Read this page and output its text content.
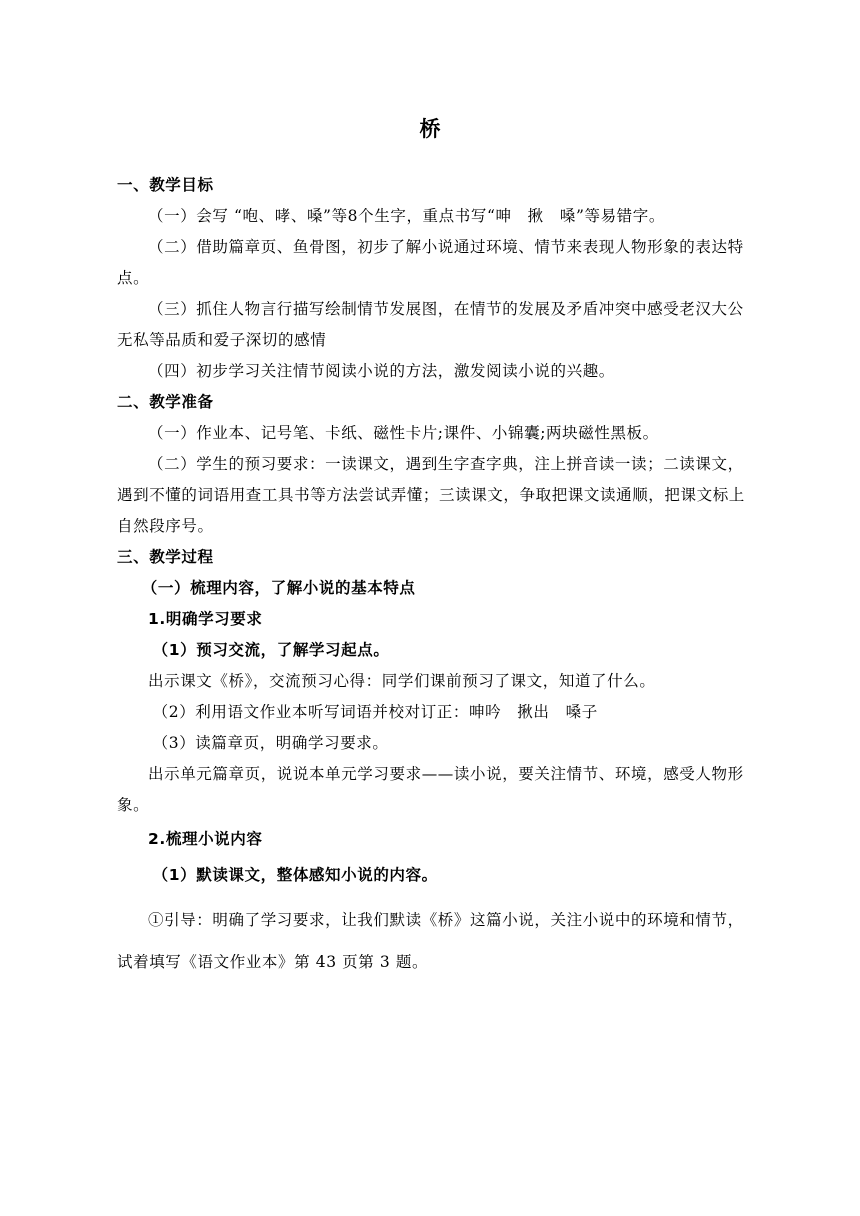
桥

一、教学目标

（一）会写 “咆、哮、嗓”等8个生字，重点书写“呻　揪　嗓”等易错字。

（二）借助篇章页、鱼骨图，初步了解小说通过环境、情节来表现人物形象的表达特点。

（三）抓住人物言行描写绘制情节发展图，在情节的发展及矛盾冲突中感受老汉大公无私等品质和爱子深切的感情

（四）初步学习关注情节阅读小说的方法，激发阅读小说的兴趣。

二、教学准备

（一）作业本、记号笔、卡纸、磁性卡片;课件、小锦囊;两块磁性黑板。

（二）学生的预习要求：一读课文，遇到生字查字典，注上拼音读一读；二读课文，遇到不懂的词语用查工具书等方法尝试弄懂；三读课文，争取把课文读通顺，把课文标上自然段序号。

三、教学过程

（一）梳理内容，了解小说的基本特点

1.明确学习要求

（1）预习交流，了解学习起点。

出示课文《桥》，交流预习心得：同学们课前预习了课文，知道了什么。

（2）利用语文作业本听写词语并校对订正：呻吟　揪出　嗓子

（3）读篇章页，明确学习要求。

出示单元篇章页，说说本单元学习要求——读小说，要关注情节、环境，感受人物形象。

2.梳理小说内容

（1）默读课文，整体感知小说的内容。

①引导：明确了学习要求，让我们默读《桥》这篇小说，关注小说中的环境和情节，试着填写《语文作业本》第 43 页第 3 题。
